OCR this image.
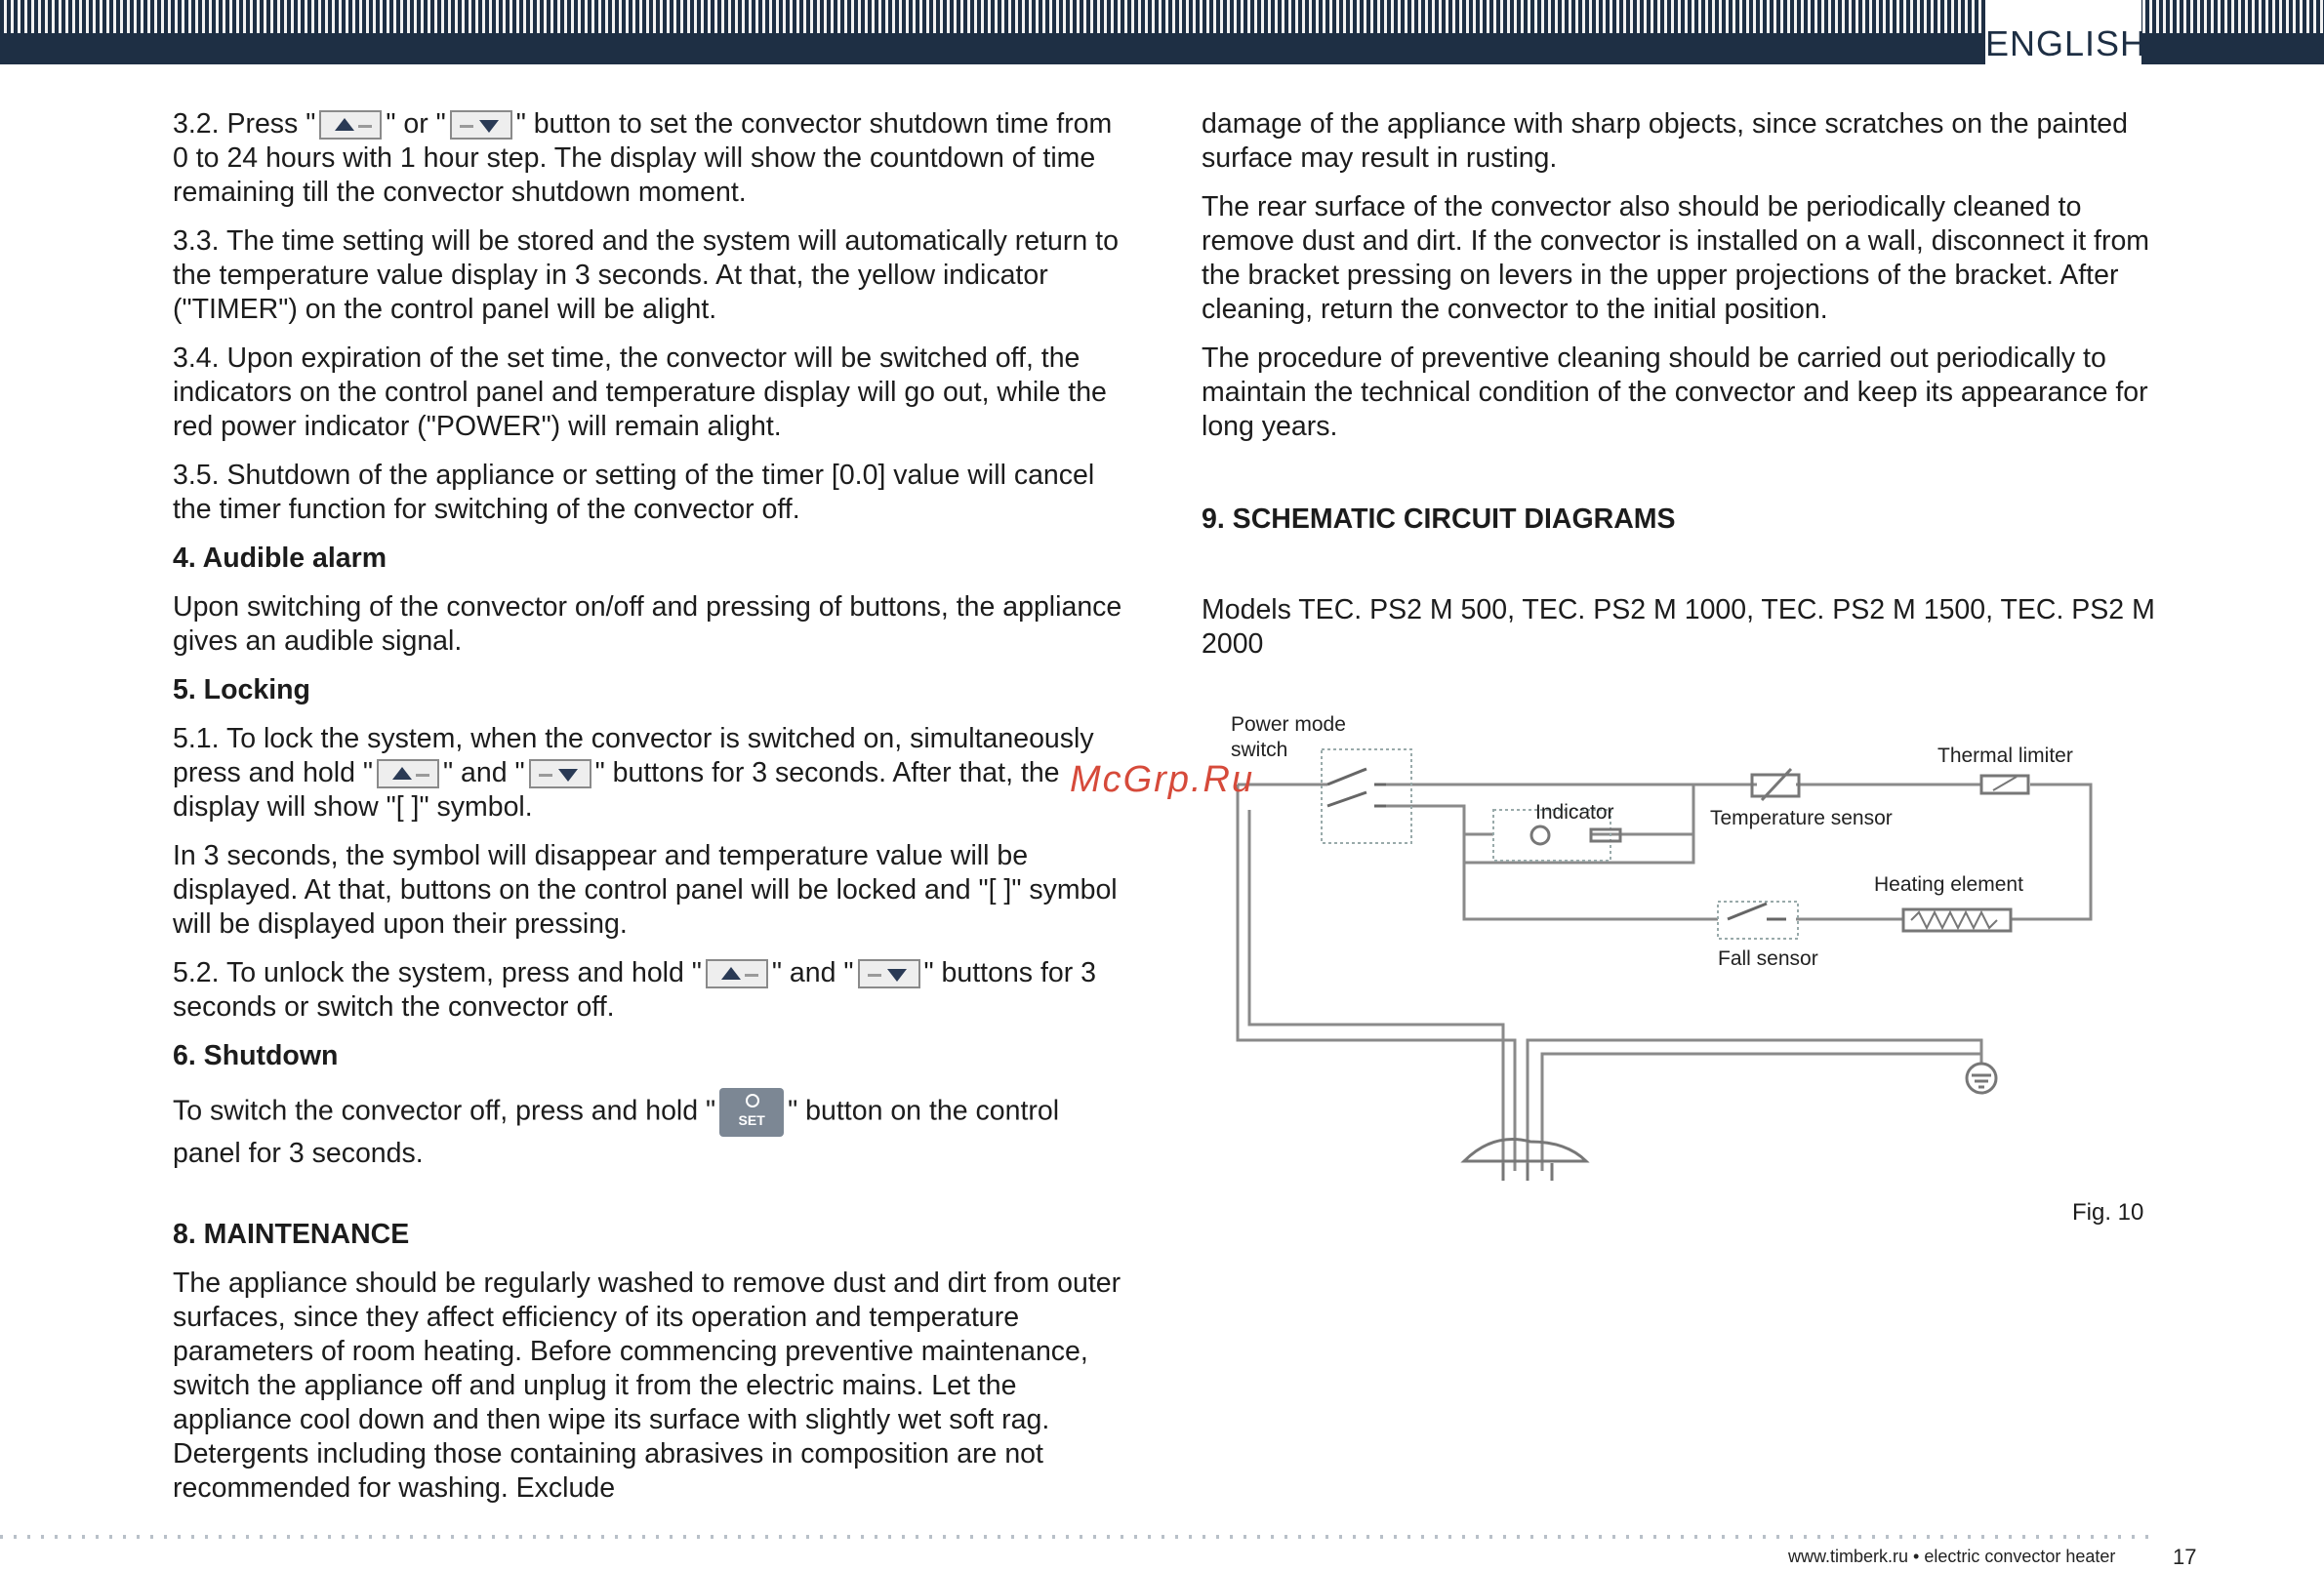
ENGLISH

3.2. Press "	" or "	" button to set the convector shutdown time from 0 to 24 hours with 1 hour step. The display will show the countdown of time remaining till the convector shutdown moment.

3.3. The time setting will be stored and the system will automatically return to the temperature value display in 3 seconds. At that, the yellow indicator ("TIMER") on the control panel will be alight.

3.4. Upon expiration of the set time, the convector will be switched off, the indicators on the control panel and temperature display will go out, while the red power indicator ("POWER") will remain alight.

3.5. Shutdown of the appliance or setting of the timer [0.0] value will cancel the timer function for switching of the convector off.

4. Audible alarm

Upon switching of the convector on/off and pressing of buttons, the appliance gives an audible signal.

5. Locking

5.1. To lock the system, when the convector is switched on, simultaneously press and hold "	" and "	" buttons for 3 seconds. After that, the display will show "[ ]" symbol.

In 3 seconds, the symbol will disappear and temperature value will be displayed. At that, buttons on the control panel will be locked and "[ ]" symbol will be displayed upon their pressing.

5.2. To unlock the system, press and hold "	" and "	" buttons for 3 seconds or switch the convector off.

6. Shutdown

To switch the convector off, press and hold "	SET " button on the control panel for 3 seconds.

8. MAINTENANCE

The appliance should be regularly washed to remove dust and dirt from outer surfaces, since they affect efficiency of its operation and temperature parameters of room heating. Before commencing preventive maintenance, switch the appliance off and unplug it from the electric mains. Let the appliance cool down and then wipe its surface with slightly wet soft rag. Detergents including those containing abrasives in composition are not recommended for washing. Exclude

damage of the appliance with sharp objects, since scratches on the painted surface may result in rusting.

The rear surface of the convector also should be periodically cleaned to remove dust and dirt. If the convector is installed on a wall, disconnect it from the bracket pressing on levers in the upper projections of the bracket. After cleaning, return the convector to the initial position.

The procedure of preventive cleaning should be carried out periodically to maintain the technical condition of the convector and keep its appearance for long years.

9. SCHEMATIC CIRCUIT DIAGRAMS

Models TEC. PS2 M 500, TEC. PS2 M 1000, TEC. PS2 M 1500, TEC. PS2 M 2000

Power mode switch	Thermal limiter
Indicator	Temperature sensor
Heating element
Fall sensor
McGrp.Ru
Fig. 10
www.timberk.ru • electric convector heater	17
